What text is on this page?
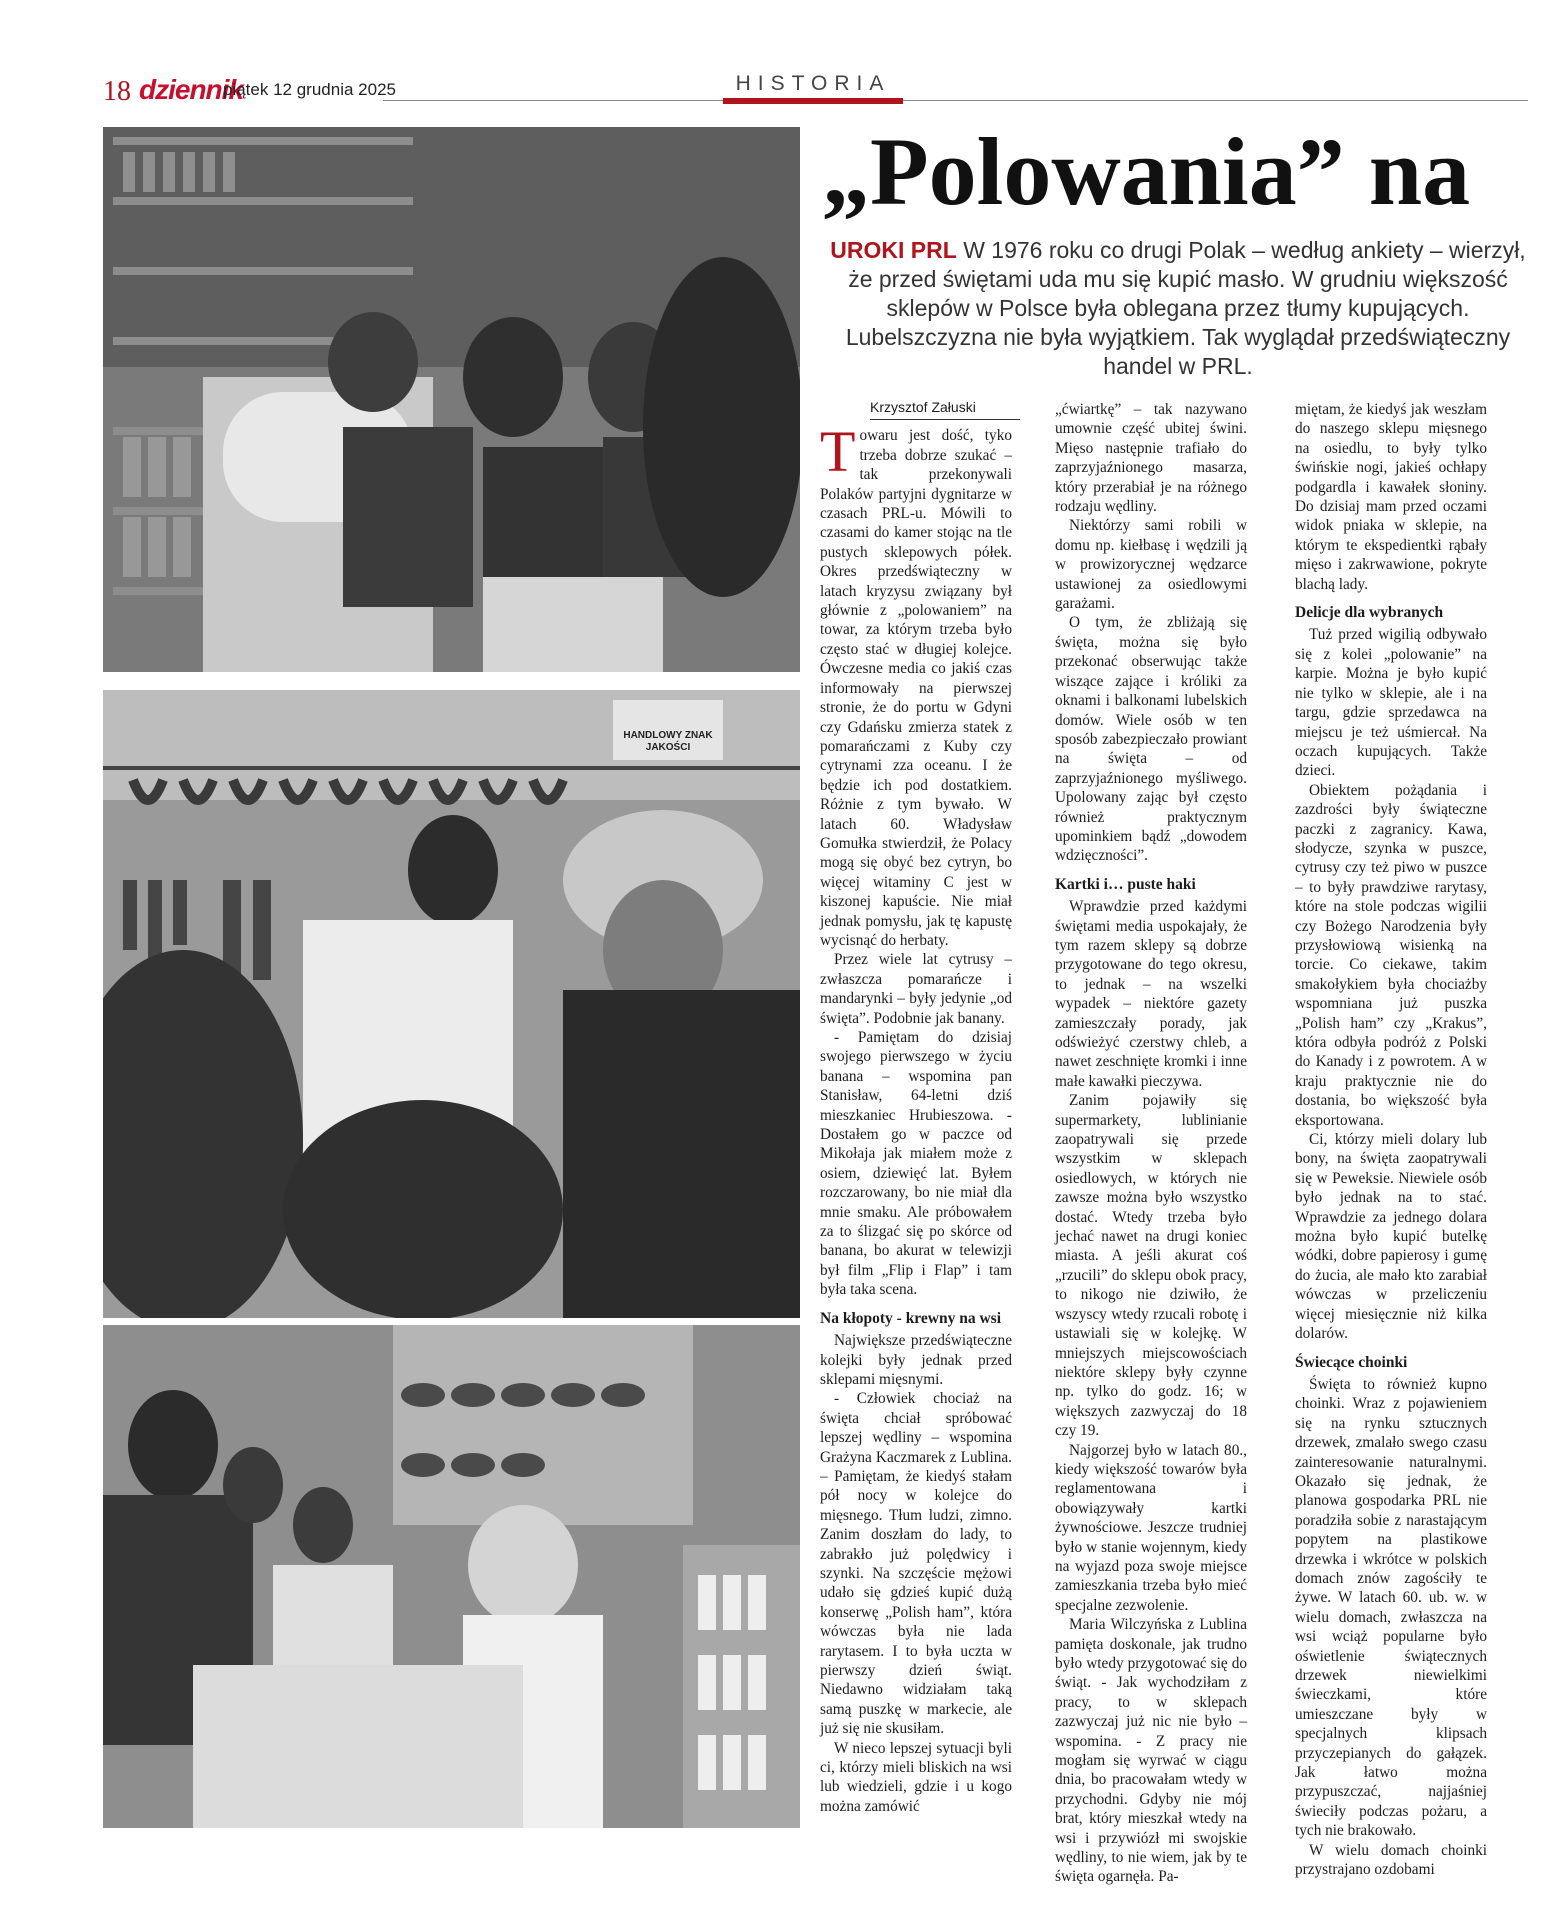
18 dziennik
piątek 12 grudnia 2025	HISTORIA
HANDLOWY ZNAK JAKOŚCI
„Polowania” na
UROKI PRL W 1976 roku co drugi Polak – według ankiety – wierzył, że przed świętami uda mu się kupić masło. W grudniu większość sklepów w Polsce była oblegana przez tłumy kupujących. Lubelszczyzna nie była wyjątkiem. Tak wyglądał przedświąteczny handel w PRL.
Krzysztof Załuski

Towaru jest dość, tyko trzeba dobrze szukać – tak przekonywali Polaków partyjni dygnitarze w czasach PRL-u. Mówili to czasami do kamer stojąc na tle pustych sklepowych półek. Okres przedświąteczny w latach kryzysu związany był głównie z „polowaniem” na towar, za którym trzeba było często stać w długiej kolejce. Ówczesne media co jakiś czas informowały na pierwszej stronie, że do portu w Gdyni czy Gdańsku zmierza statek z pomarańczami z Kuby czy cytrynami zza oceanu. I że będzie ich pod dostatkiem. Różnie z tym bywało. W latach 60. Władysław Gomułka stwierdził, że Polacy mogą się obyć bez cytryn, bo więcej witaminy C jest w kiszonej kapuście. Nie miał jednak pomysłu, jak tę kapustę wycisnąć do herbaty.

Przez wiele lat cytrusy – zwłaszcza pomarańcze i mandarynki – były jedynie „od święta”. Podobnie jak banany.

- Pamiętam do dzisiaj swojego pierwszego w życiu banana – wspomina pan Stanisław, 64-letni dziś mieszkaniec Hrubieszowa. - Dostałem go w paczce od Mikołaja jak miałem może z osiem, dziewięć lat. Byłem rozczarowany, bo nie miał dla mnie smaku. Ale próbowałem za to ślizgać się po skórce od banana, bo akurat w telewizji był film „Flip i Flap” i tam była taka scena.

Na kłopoty - krewny na wsi

Największe przedświąteczne kolejki były jednak przed sklepami mięsnymi.

- Człowiek chociaż na święta chciał spróbować lepszej wędliny – wspomina Grażyna Kaczmarek z Lublina. – Pamiętam, że kiedyś stałam pół nocy w kolejce do mięsnego. Tłum ludzi, zimno. Zanim doszłam do lady, to zabrakło już polędwicy i szynki. Na szczęście mężowi udało się gdzieś kupić dużą konserwę „Polish ham”, która wówczas była nie lada rarytasem. I to była uczta w pierwszy dzień świąt. Niedawno widziałam taką samą puszkę w markecie, ale już się nie skusiłam.

W nieco lepszej sytuacji byli ci, którzy mieli bliskich na wsi lub wiedzieli, gdzie i u kogo można zamówić

„ćwiartkę” – tak nazywano umownie część ubitej świni. Mięso następnie trafiało do zaprzyjaźnionego masarza, który przerabiał je na różnego rodzaju wędliny.

Niektórzy sami robili w domu np. kiełbasę i wędzili ją w prowizorycznej wędzarce ustawionej za osiedlowymi garażami.

O tym, że zbliżają się święta, można się było przekonać obserwując także wiszące zające i króliki za oknami i balkonami lubelskich domów. Wiele osób w ten sposób zabezpieczało prowiant na święta – od zaprzyjaźnionego myśliwego. Upolowany zając był często również praktycznym upominkiem bądź „dowodem wdzięczności”.

Kartki i… puste haki

Wprawdzie przed każdymi świętami media uspokajały, że tym razem sklepy są dobrze przygotowane do tego okresu, to jednak – na wszelki wypadek – niektóre gazety zamieszczały porady, jak odświeżyć czerstwy chleb, a nawet zeschnięte kromki i inne małe kawałki pieczywa.

Zanim pojawiły się supermarkety, lublinianie zaopatrywali się przede wszystkim w sklepach osiedlowych, w których nie zawsze można było wszystko dostać. Wtedy trzeba było jechać nawet na drugi koniec miasta. A jeśli akurat coś „rzucili” do sklepu obok pracy, to nikogo nie dziwiło, że wszyscy wtedy rzucali robotę i ustawiali się w kolejkę. W mniejszych miejscowościach niektóre sklepy były czynne np. tylko do godz. 16; w większych zazwyczaj do 18 czy 19.

Najgorzej było w latach 80., kiedy większość towarów była reglamentowana i obowiązywały kartki żywnościowe. Jeszcze trudniej było w stanie wojennym, kiedy na wyjazd poza swoje miejsce zamieszkania trzeba było mieć specjalne zezwolenie.

Maria Wilczyńska z Lublina pamięta doskonale, jak trudno było wtedy przygotować się do świąt. - Jak wychodziłam z pracy, to w sklepach zazwyczaj już nic nie było – wspomina. - Z pracy nie mogłam się wyrwać w ciągu dnia, bo pracowałam wtedy w przychodni. Gdyby nie mój brat, który mieszkał wtedy na wsi i przywiózł mi swojskie wędliny, to nie wiem, jak by te święta ogarnęła. Pa-

miętam, że kiedyś jak weszłam do naszego sklepu mięsnego na osiedlu, to były tylko świńskie nogi, jakieś ochłapy podgardla i kawałek słoniny. Do dzisiaj mam przed oczami widok pniaka w sklepie, na którym te ekspedientki rąbały mięso i zakrwawione, pokryte blachą lady.

Delicje dla wybranych

Tuż przed wigilią odbywało się z kolei „polowanie” na karpie. Można je było kupić nie tylko w sklepie, ale i na targu, gdzie sprzedawca na miejscu je też uśmiercał. Na oczach kupujących. Także dzieci.

Obiektem pożądania i zazdrości były świąteczne paczki z zagranicy. Kawa, słodycze, szynka w puszce, cytrusy czy też piwo w puszce – to były prawdziwe rarytasy, które na stole podczas wigilii czy Bożego Narodzenia były przysłowiową wisienką na torcie. Co ciekawe, takim smakołykiem była chociażby wspomniana już puszka „Polish ham” czy „Krakus”, która odbyła podróż z Polski do Kanady i z powrotem. A w kraju praktycznie nie do dostania, bo większość była eksportowana.

Ci, którzy mieli dolary lub bony, na święta zaopatrywali się w Peweksie. Niewiele osób było jednak na to stać. Wprawdzie za jednego dolara można było kupić butelkę wódki, dobre papierosy i gumę do żucia, ale mało kto zarabiał wówczas w przeliczeniu więcej miesięcznie niż kilka dolarów.

Świecące choinki

Święta to również kupno choinki. Wraz z pojawieniem się na rynku sztucznych drzewek, zmalało swego czasu zainteresowanie naturalnymi. Okazało się jednak, że planowa gospodarka PRL nie poradziła sobie z narastającym popytem na plastikowe drzewka i wkrótce w polskich domach znów zagościły te żywe. W latach 60. ub. w. w wielu domach, zwłaszcza na wsi wciąż popularne było oświetlenie świątecznych drzewek niewielkimi świeczkami, które umieszczane były w specjalnych klipsach przyczepianych do gałązek. Jak łatwo można przypuszczać, najjaśniej świeciły podczas pożaru, a tych nie brakowało.

W wielu domach choinki przystrajano ozdobami
